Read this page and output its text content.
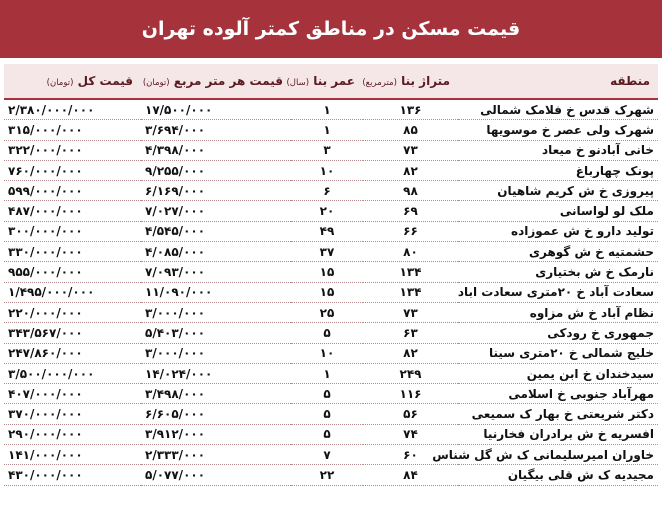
قیمت مسکن در مناطق کمتر آلوده تهران
منطقه	متراژ بنا (مترمربع)	عمر بنا (سال)	قیمت هر متر مربع (تومان)	قیمت کل (تومان)
شهرک قدس خ فلامک شمالی	۱۳۶	۱	۱۷/۵۰۰/۰۰۰	۲/۳۸۰/۰۰۰/۰۰۰
شهرک ولی عصر خ موسویها	۸۵	۱	۳/۶۹۴/۰۰۰	۳۱۵/۰۰۰/۰۰۰
خانی آبادنو خ میعاد	۷۳	۳	۴/۳۹۸/۰۰۰	۳۲۲/۰۰۰/۰۰۰
پونک چهارباغ	۸۲	۱۰	۹/۲۵۵/۰۰۰	۷۶۰/۰۰۰/۰۰۰
پیروزی خ ش کریم شاهیان	۹۸	۶	۶/۱۶۹/۰۰۰	۵۹۹/۰۰۰/۰۰۰
ملک لو لواسانی	۶۹	۲۰	۷/۰۲۷/۰۰۰	۴۸۷/۰۰۰/۰۰۰
تولید دارو خ ش عموزاده	۶۶	۴۹	۴/۵۴۵/۰۰۰	۳۰۰/۰۰۰/۰۰۰
حشمتیه خ ش گوهری	۸۰	۳۷	۴/۰۸۵/۰۰۰	۳۳۰/۰۰۰/۰۰۰
نارمک خ ش بختیاری	۱۳۴	۱۵	۷/۰۹۳/۰۰۰	۹۵۵/۰۰۰/۰۰۰
سعادت آباد خ ۲۰متری سعادت اباد	۱۳۴	۱۵	۱۱/۰۹۰/۰۰۰	۱/۴۹۵/۰۰۰/۰۰۰
نظام آباد خ ش مزاوه	۷۳	۲۵	۳/۰۰۰/۰۰۰	۲۲۰/۰۰۰/۰۰۰
جمهوری خ رودکی	۶۳	۵	۵/۴۰۳/۰۰۰	۳۴۳/۵۶۷/۰۰۰
خلیج شمالی خ ۲۰متری سینا	۸۲	۱۰	۳/۰۰۰/۰۰۰	۲۴۷/۸۶۰/۰۰۰
سیدخندان خ ابن یمین	۲۴۹	۱	۱۴/۰۲۴/۰۰۰	۳/۵۰۰/۰۰۰/۰۰۰
مهرآباد جنوبی خ اسلامی	۱۱۶	۵	۳/۴۹۸/۰۰۰	۴۰۷/۰۰۰/۰۰۰
دکتر شریعتی خ بهار ک سمیعی	۵۶	۵	۶/۶۰۵/۰۰۰	۳۷۰/۰۰۰/۰۰۰
افسریه خ ش برادران فخارنیا	۷۴	۵	۳/۹۱۲/۰۰۰	۲۹۰/۰۰۰/۰۰۰
خاوران امیرسلیمانی ک ش گل شناس	۶۰	۷	۲/۳۳۳/۰۰۰	۱۴۱/۰۰۰/۰۰۰
مجیدیه ک ش قلی بیگیان	۸۴	۲۲	۵/۰۷۷/۰۰۰	۴۳۰/۰۰۰/۰۰۰
